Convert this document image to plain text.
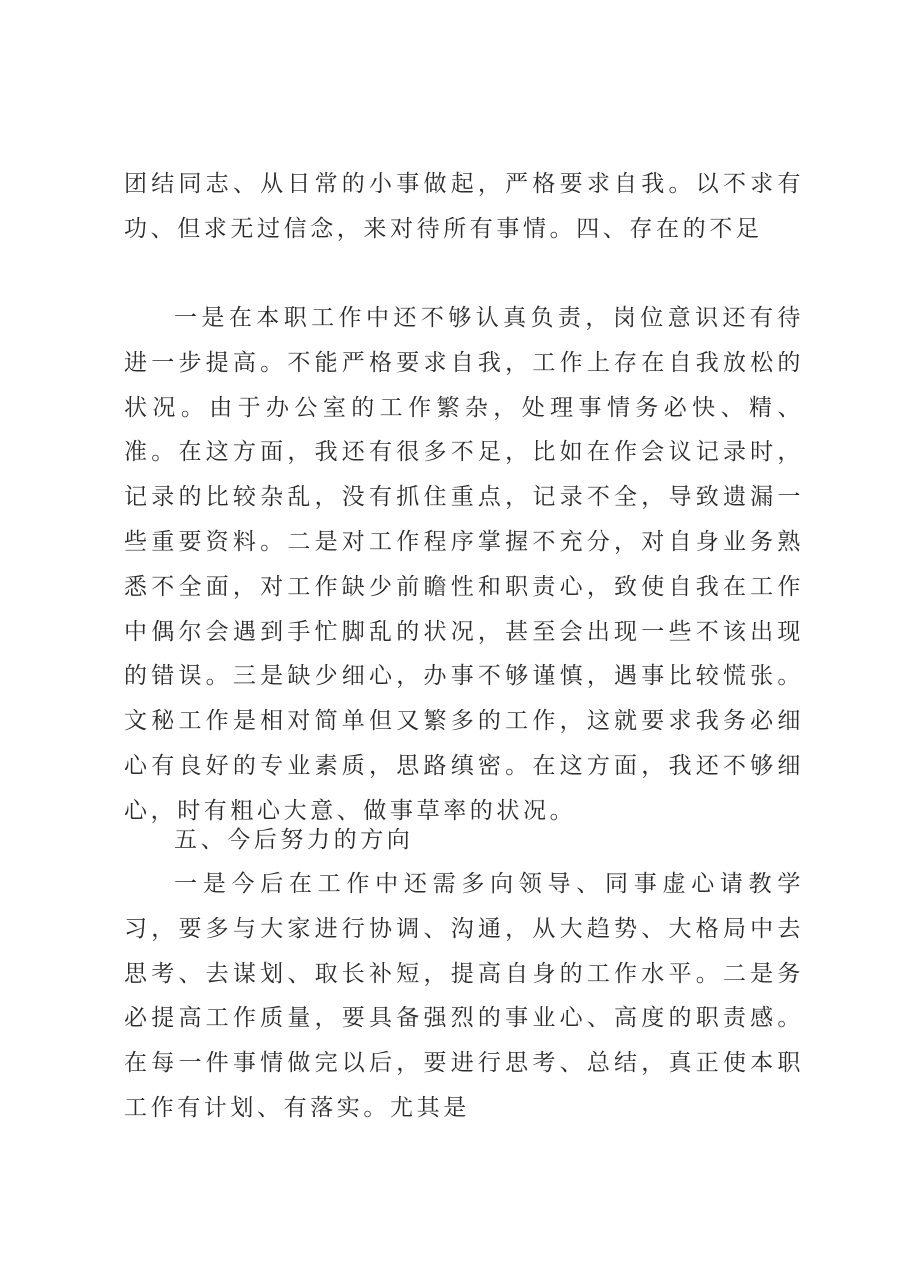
团结同志、从日常的小事做起，严格要求自我。以不求有功、但求无过信念，来对待所有事情。四、存在的不足
一是在本职工作中还不够认真负责，岗位意识还有待进一步提高。不能严格要求自我，工作上存在自我放松的状况。由于办公室的工作繁杂，处理事情务必快、精、准。在这方面，我还有很多不足，比如在作会议记录时，记录的比较杂乱，没有抓住重点，记录不全，导致遗漏一些重要资料。二是对工作程序掌握不充分，对自身业务熟悉不全面，对工作缺少前瞻性和职责心，致使自我在工作中偶尔会遇到手忙脚乱的状况，甚至会出现一些不该出现的错误。三是缺少细心，办事不够谨慎，遇事比较慌张。文秘工作是相对简单但又繁多的工作，这就要求我务必细心有良好的专业素质，思路缜密。在这方面，我还不够细心，时有粗心大意、做事草率的状况。
五、今后努力的方向
一是今后在工作中还需多向领导、同事虚心请教学习，要多与大家进行协调、沟通，从大趋势、大格局中去思考、去谋划、取长补短，提高自身的工作水平。二是务必提高工作质量，要具备强烈的事业心、高度的职责感。在每一件事情做完以后，要进行思考、总结，真正使本职工作有计划、有落实。尤其是
